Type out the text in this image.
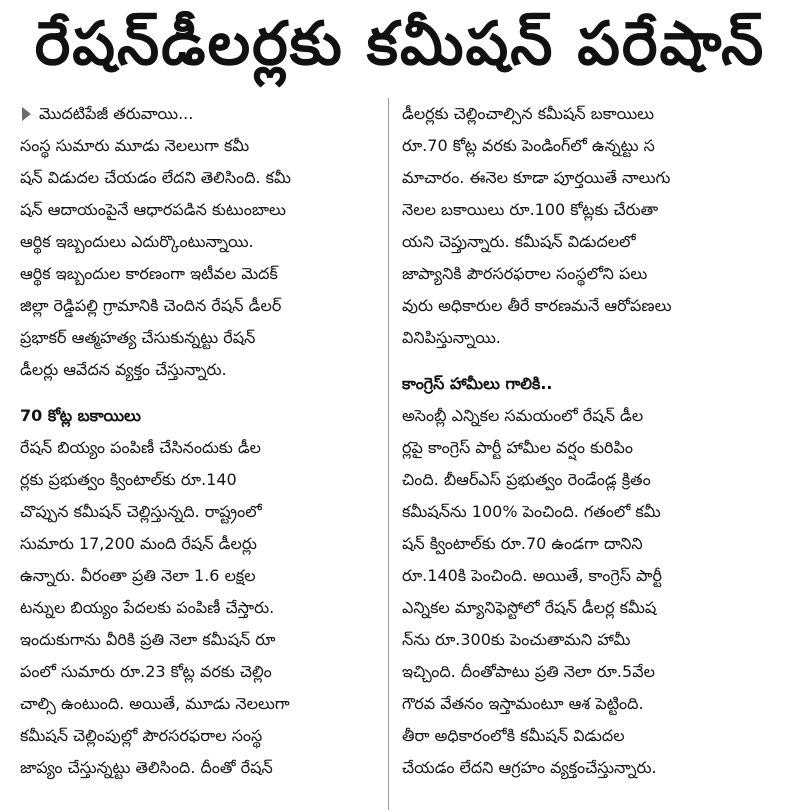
రేషన్‌డీలర్లకు కమీషన్ పరేషాన్
మొదటిపేజీ తరువాయి...
సంస్థ సుమారు మూడు నెలలుగా కమీ
షన్ విడుదల చేయడం లేదని తెలిసింది. కమీ
షన్ ఆదాయంపైనే ఆధారపడిన కుటుంబాలు
ఆర్థిక ఇబ్బందులు ఎదుర్కొంటున్నాయి.
ఆర్థిక ఇబ్బందుల కారణంగా ఇటీవల మెదక్
జిల్లా రెడ్డిపల్లి గ్రామానికి చెందిన రేషన్ డీలర్
ప్రభాకర్ ఆత్మహత్య చేసుకున్నట్టు రేషన్
డీలర్లు ఆవేదన వ్యక్తం చేస్తున్నారు.
70 కోట్ల బకాయిలు
రేషన్ బియ్యం పంపిణీ చేసినందుకు డీల
ర్లకు ప్రభుత్వం క్వింటాల్‌కు రూ.140
చొప్పున కమీషన్ చెల్లిస్తున్నది. రాష్ట్రంలో
సుమారు 17,200 మంది రేషన్ డీలర్లు
ఉన్నారు. వీరంతా ప్రతి నెలా 1.6 లక్షల
టన్నుల బియ్యం పేదలకు పంపిణీ చేస్తారు.
ఇందుకుగాను వీరికి ప్రతి నెలా కమీషన్ రూ
పంలో సుమారు రూ.23 కోట్ల వరకు చెల్లిం
చాల్సి ఉంటుంది. అయితే, మూడు నెలలుగా
కమీషన్ చెల్లింపుల్లో పౌరసరఫరాల సంస్థ
జాప్యం చేస్తున్నట్టు తెలిసింది. దీంతో రేషన్
డీలర్లకు చెల్లించాల్సిన కమీషన్ బకాయిలు
రూ.70 కోట్ల వరకు పెండింగ్‌లో ఉన్నట్టు స
మాచారం. ఈనెల కూడా పూర్తయితే నాలుగు
నెలల బకాయిలు రూ.100 కోట్లకు చేరుతా
యని చెప్తున్నారు. కమీషన్ విడుదలలో
జాప్యానికి పౌరసరఫరాల సంస్థలోని పలు
వురు అధికారుల తీరే కారణమనే ఆరోపణలు
వినిపిస్తున్నాయి.
కాంగ్రెస్ హామీలు గాలికి..
అసెంబ్లీ ఎన్నికల సమయంలో రేషన్ డీల
ర్లపై కాంగ్రెస్ పార్టీ హామీల వర్షం కురిపిం
చింది. బీఆర్ఎస్ ప్రభుత్వం రెండేండ్ల క్రితం
కమీషన్‌ను 100% పెంచింది. గతంలో కమీ
షన్ క్వింటాల్‌కు రూ.70 ఉండగా దానిని
రూ.140కి పెంచింది. అయితే, కాంగ్రెస్ పార్టీ
ఎన్నికల మ్యానిఫెస్టోలో రేషన్ డీలర్ల కమీష
న్‌ను రూ.300కు పెంచుతామని హామీ
ఇచ్చింది. దీంతోపాటు ప్రతి నెలా రూ.5వేల
గౌరవ వేతనం ఇస్తామంటూ ఆశ పెట్టింది.
తీరా అధికారంలోకి కమీషన్ విడుదల
చేయడం లేదని ఆగ్రహం వ్యక్తంచేస్తున్నారు.
